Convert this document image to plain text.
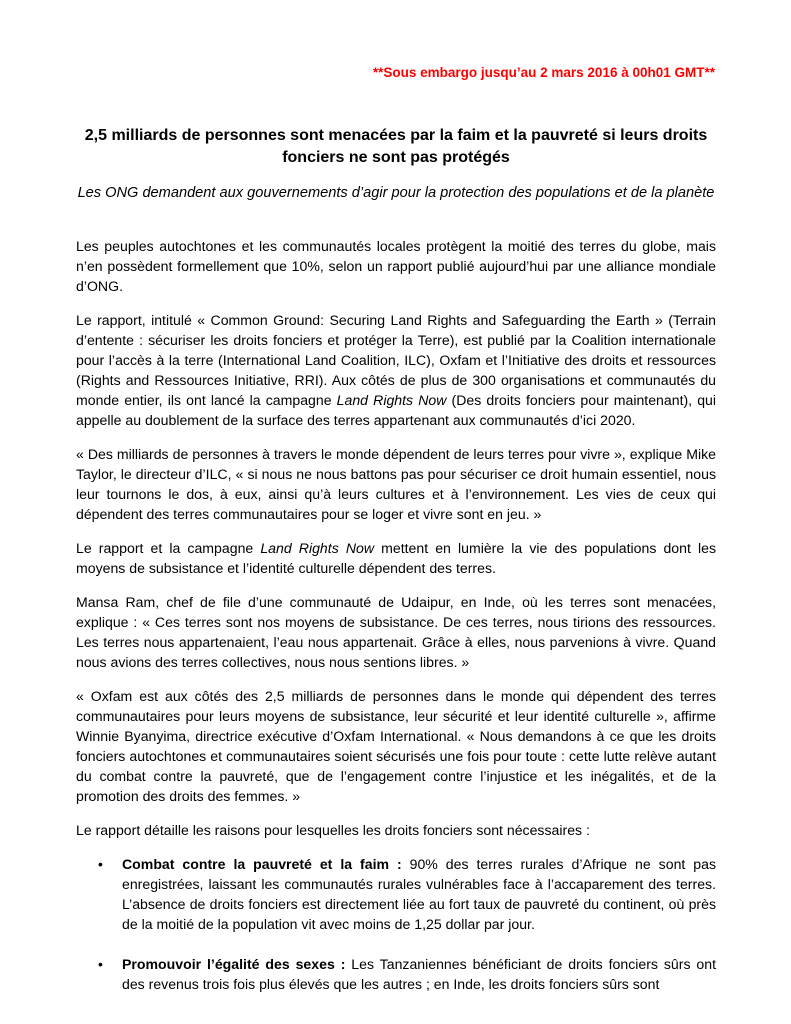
**Sous embargo jusqu’au 2 mars 2016 à 00h01 GMT**
2,5 milliards de personnes sont menacées par la faim et la pauvreté si leurs droits fonciers ne sont pas protégés
Les ONG demandent aux gouvernements d’agir pour la protection des populations et de la planète

Les peuples autochtones et les communautés locales protègent la moitié des terres du globe, mais n’en possèdent formellement que 10%, selon un rapport publié aujourd’hui par une alliance mondiale d’ONG.

Le rapport, intitulé « Common Ground: Securing Land Rights and Safeguarding the Earth » (Terrain d’entente : sécuriser les droits fonciers et protéger la Terre), est publié par la Coalition internationale pour l’accès à la terre (International Land Coalition, ILC), Oxfam et l’Initiative des droits et ressources (Rights and Ressources Initiative, RRI). Aux côtés de plus de 300 organisations et communautés du monde entier, ils ont lancé la campagne Land Rights Now (Des droits fonciers pour maintenant), qui appelle au doublement de la surface des terres appartenant aux communautés d’ici 2020.

« Des milliards de personnes à travers le monde dépendent de leurs terres pour vivre », explique Mike Taylor, le directeur d’ILC, « si nous ne nous battons pas pour sécuriser ce droit humain essentiel, nous leur tournons le dos, à eux, ainsi qu’à leurs cultures et à l’environnement. Les vies de ceux qui dépendent des terres communautaires pour se loger et vivre sont en jeu. »

Le rapport et la campagne Land Rights Now mettent en lumière la vie des populations dont les moyens de subsistance et l’identité culturelle dépendent des terres.

Mansa Ram, chef de file d’une communauté de Udaipur, en Inde, où les terres sont menacées, explique : « Ces terres sont nos moyens de subsistance. De ces terres, nous tirions des ressources. Les terres nous appartenaient, l’eau nous appartenait. Grâce à elles, nous parvenions à vivre. Quand nous avions des terres collectives, nous nous sentions libres. »

« Oxfam est aux côtés des 2,5 milliards de personnes dans le monde qui dépendent des terres communautaires pour leurs moyens de subsistance, leur sécurité et leur identité culturelle », affirme Winnie Byanyima, directrice exécutive d’Oxfam International. « Nous demandons à ce que les droits fonciers autochtones et communautaires soient sécurisés une fois pour toute : cette lutte relève autant du combat contre la pauvreté, que de l’engagement contre l’injustice et les inégalités, et de la promotion des droits des femmes. »

Le rapport détaille les raisons pour lesquelles les droits fonciers sont nécessaires :

• Combat contre la pauvreté et la faim : 90% des terres rurales d’Afrique ne sont pas enregistrées, laissant les communautés rurales vulnérables face à l’accaparement des terres. L’absence de droits fonciers est directement liée au fort taux de pauvreté du continent, où près de la moitié de la population vit avec moins de 1,25 dollar par jour.
• Promouvoir l’égalité des sexes : Les Tanzaniennes bénéficiant de droits fonciers sûrs ont des revenus trois fois plus élevés que les autres ; en Inde, les droits fonciers sûrs sont
